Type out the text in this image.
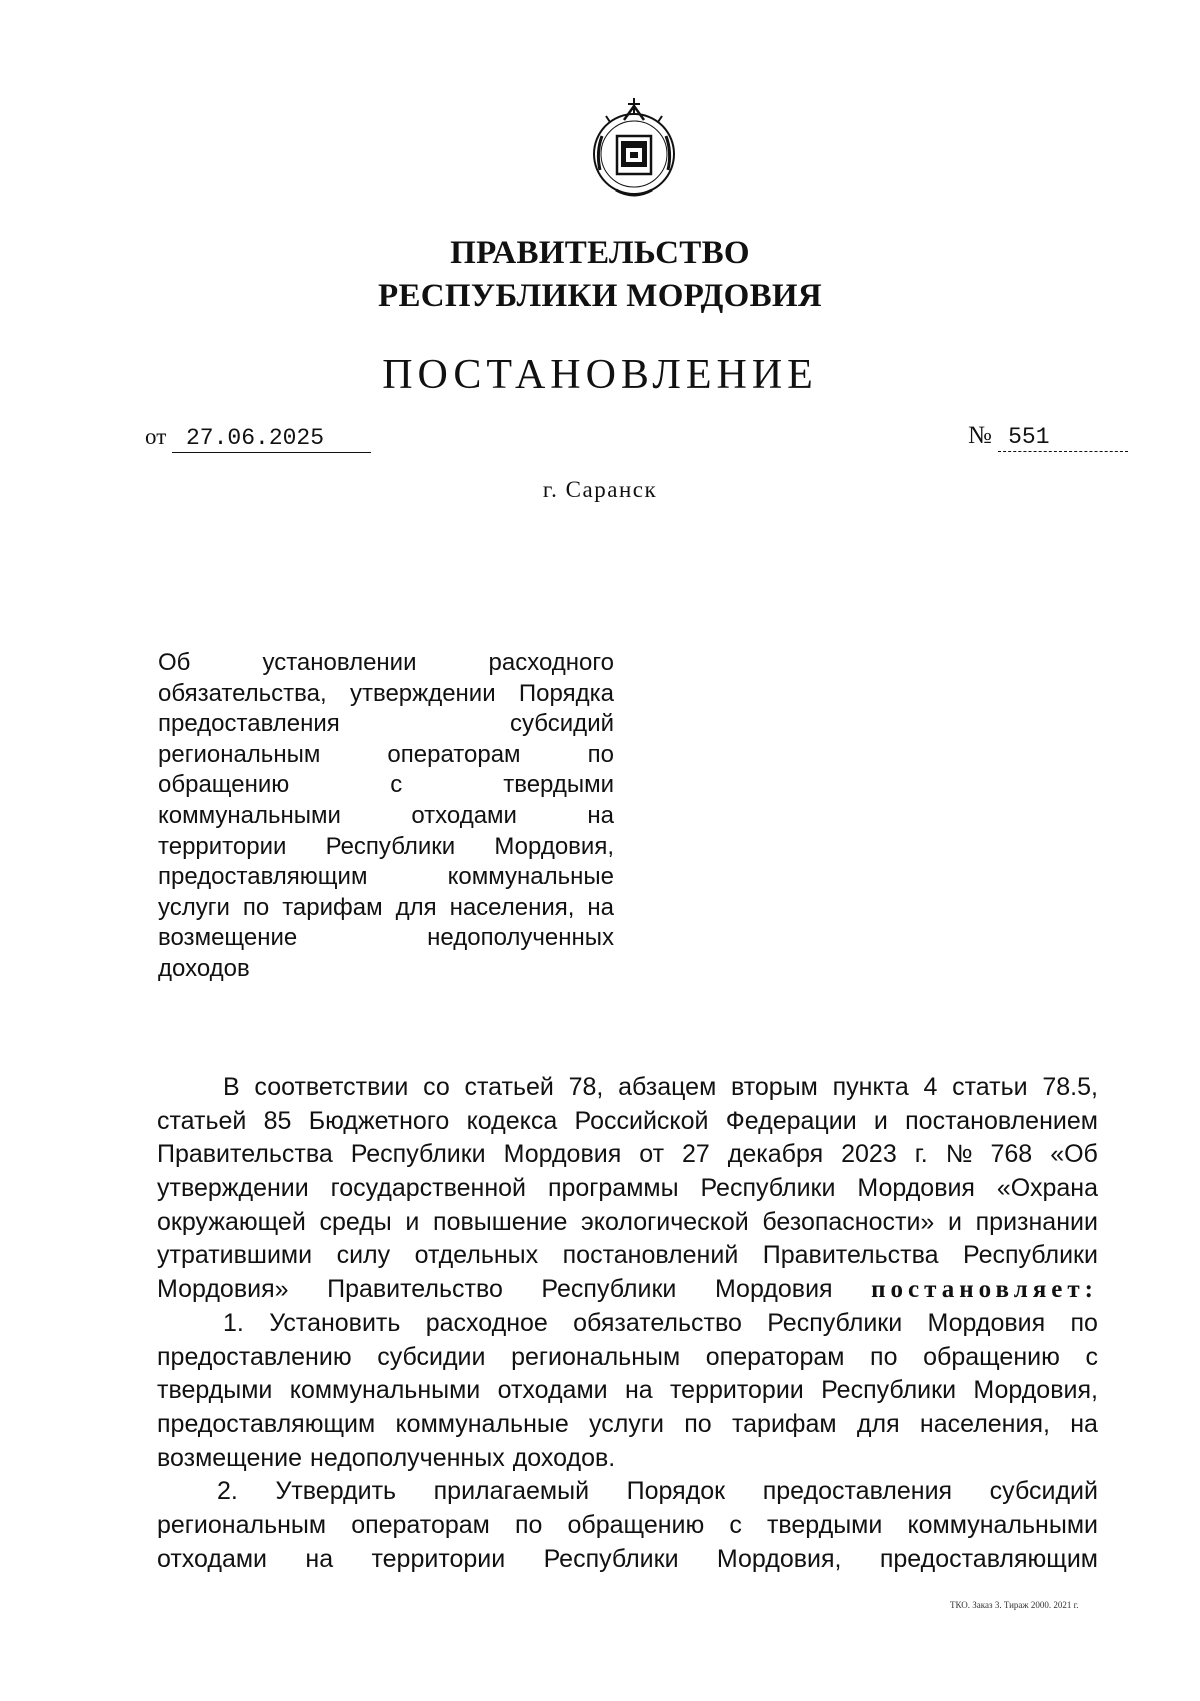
ПРАВИТЕЛЬСТВО
РЕСПУБЛИКИ МОРДОВИЯ
ПОСТАНОВЛЕНИЕ
от 27.06.2025	№ 551
г. Саранск
Об	установлении	расходного
обязательства, утверждении Порядка
предоставления	субсидий
региональным	операторам	по
обращению	с	твердыми
коммунальными	отходами	на
территории Республики Мордовия,
предоставляющим	коммунальные
услуги по тарифам для населения, на
возмещение	недополученных
доходов
В соответствии со статьей 78, абзацем вторым пункта 4 статьи 78.5,
статьей 85 Бюджетного кодекса Российской Федерации и постановлением
Правительства Республики Мордовия от 27 декабря 2023 г. № 768 «Об
утверждении государственной программы Республики Мордовия «Охрана
окружающей среды и повышение экологической безопасности» и признании
утратившими силу отдельных постановлений Правительства Республики
Мордовия» Правительство Республики Мордовия постановляет:
1. Установить расходное обязательство Республики Мордовия по
предоставлению субсидии региональным операторам по обращению с
твердыми коммунальными отходами на территории Республики Мордовия,
предоставляющим коммунальные услуги по тарифам для населения, на
возмещение недополученных доходов.
2. Утвердить прилагаемый Порядок предоставления субсидий
региональным операторам по обращению с твердыми коммунальными
отходами на территории Республики Мордовия, предоставляющим
ТКО. Заказ 3. Тираж 2000. 2021 г.
